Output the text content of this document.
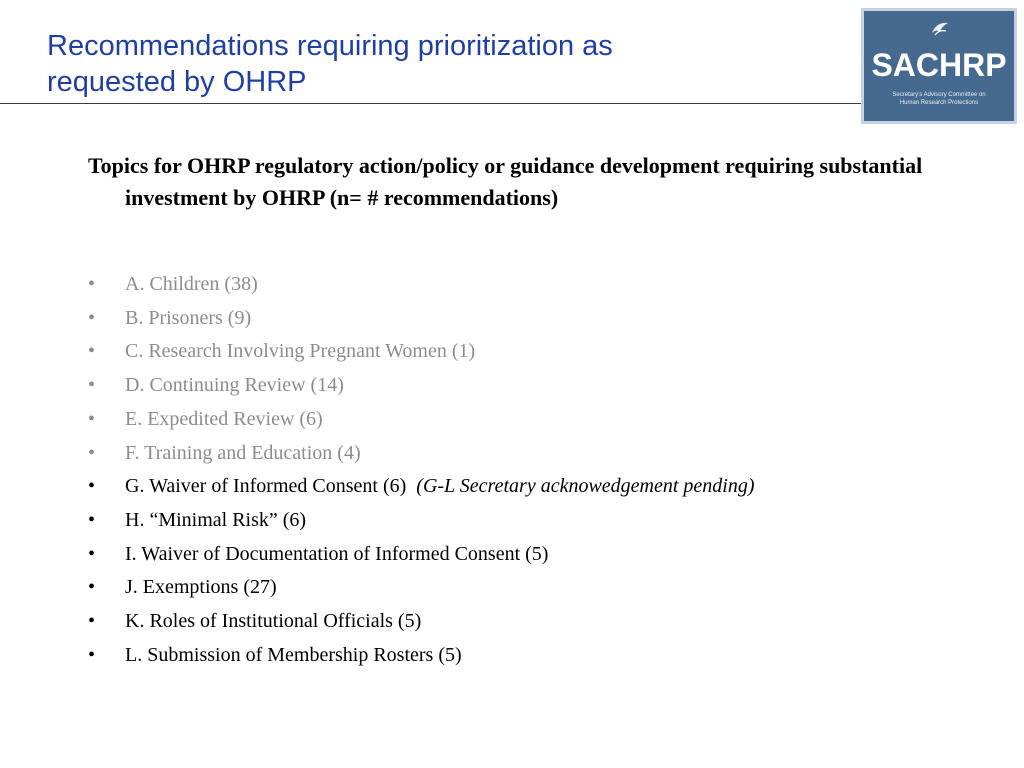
Recommendations requiring prioritization as
requested by OHRP	SACHRP
Secretary's Advisory Committee on
Human Research Protections

Topics for OHRP regulatory action/policy or guidance development requiring substantial investment by OHRP (n= # recommendations)

• A. Children (38)
• B. Prisoners (9)
• C. Research Involving Pregnant Women (1)
• D. Continuing Review (14)
• E. Expedited Review (6)
• F. Training and Education (4)
• G. Waiver of Informed Consent (6) (G-L Secretary acknowedgement pending)
• H. “Minimal Risk” (6)
• I. Waiver of Documentation of Informed Consent (5)
• J. Exemptions (27)
• K. Roles of Institutional Officials (5)
• L. Submission of Membership Rosters (5)
